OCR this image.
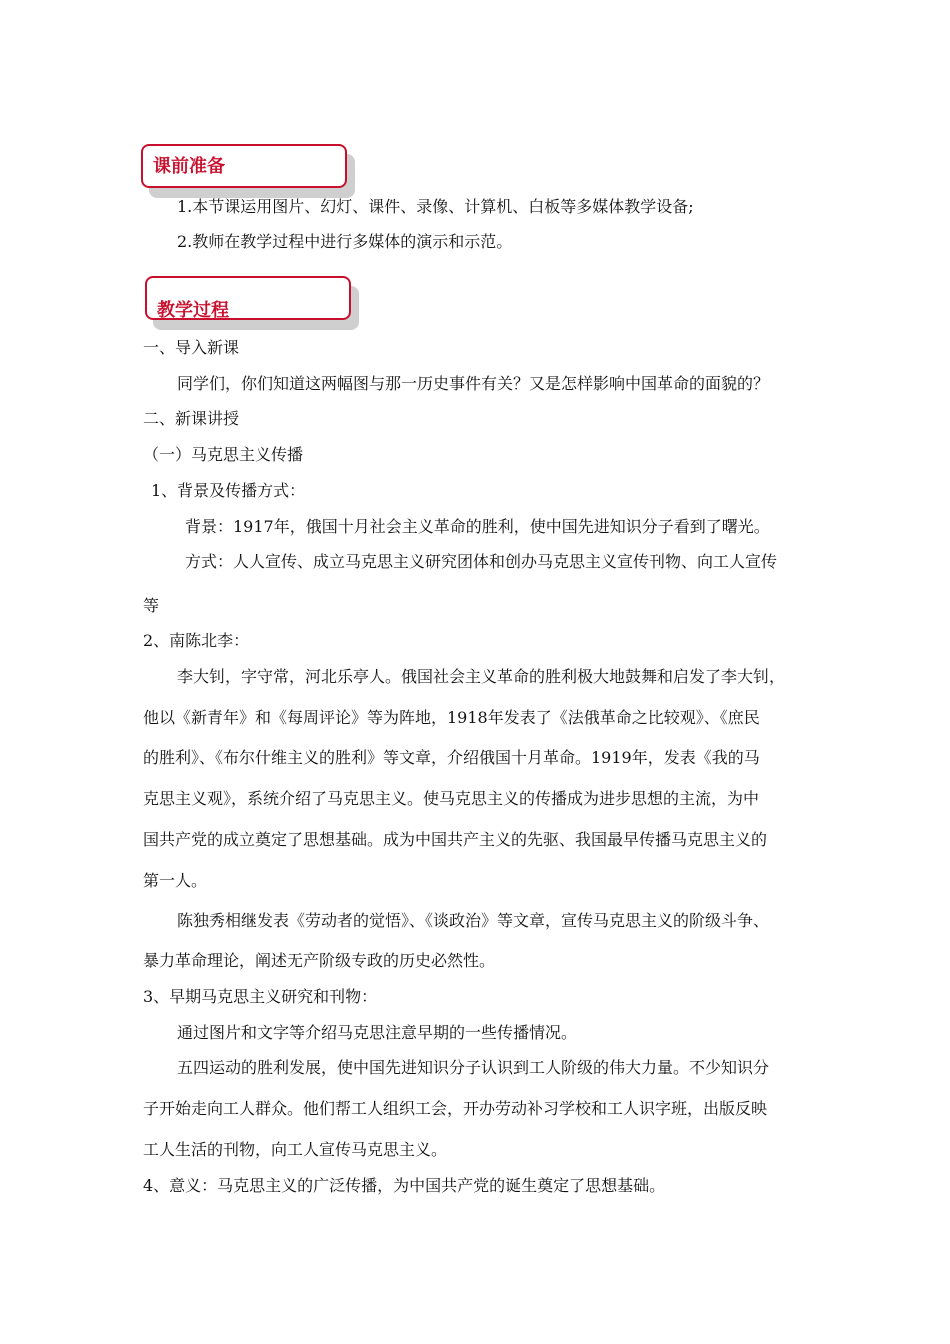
课前准备
1.本节课运用图片、幻灯、课件、录像、计算机、白板等多媒体教学设备;
2.教师在教学过程中进行多媒体的演示和示范。
教学过程
一、导入新课
同学们，你们知道这两幅图与那一历史事件有关？又是怎样影响中国革命的面貌的？
二、新课讲授
（一）马克思主义传播
1、背景及传播方式：
背景：1917年，俄国十月社会主义革命的胜利，使中国先进知识分子看到了曙光。
方式：人人宣传、成立马克思主义研究团体和创办马克思主义宣传刊物、向工人宣传
等
2、南陈北李：
李大钊，字守常，河北乐亭人。俄国社会主义革命的胜利极大地鼓舞和启发了李大钊，
他以《新青年》和《每周评论》等为阵地，1918年发表了《法俄革命之比较观》、《庶民
的胜利》、《布尔什维主义的胜利》等文章，介绍俄国十月革命。1919年，发表《我的马
克思主义观》，系统介绍了马克思主义。使马克思主义的传播成为进步思想的主流，为中
国共产党的成立奠定了思想基础。成为中国共产主义的先驱、我国最早传播马克思主义的
第一人。
陈独秀相继发表《劳动者的觉悟》、《谈政治》等文章，宣传马克思主义的阶级斗争、
暴力革命理论，阐述无产阶级专政的历史必然性。
3、早期马克思主义研究和刊物：
通过图片和文字等介绍马克思注意早期的一些传播情况。
五四运动的胜利发展，使中国先进知识分子认识到工人阶级的伟大力量。不少知识分
子开始走向工人群众。他们帮工人组织工会，开办劳动补习学校和工人识字班，出版反映
工人生活的刊物，向工人宣传马克思主义。
4、意义：马克思主义的广泛传播，为中国共产党的诞生奠定了思想基础。
